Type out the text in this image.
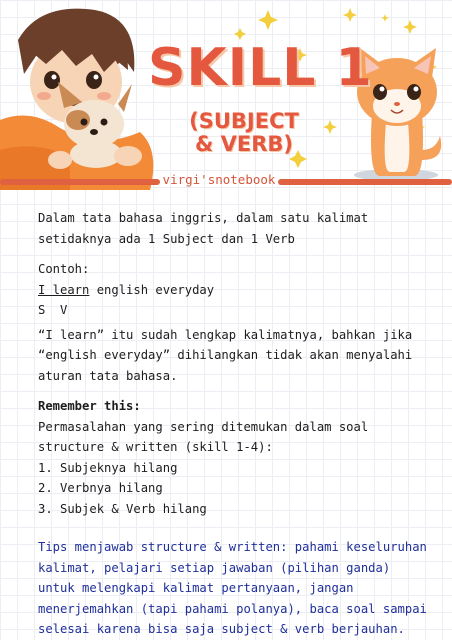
SKILL 1
(SUBJECT & VERB)
virgi'snotebook

Dalam tata bahasa inggris, dalam satu kalimat setidaknya ada 1 Subject dan 1 Verb

Contoh:

I learn english everyday

S  V

“I learn” itu sudah lengkap kalimatnya, bahkan jika “english everyday” dihilangkan tidak akan menyalahi aturan tata bahasa.

Remember this:

Permasalahan yang sering ditemukan dalam soal structure & written (skill 1-4):

1. Subjeknya hilang

2. Verbnya hilang

3. Subjek & Verb hilang

Tips menjawab structure & written: pahami keseluruhan kalimat, pelajari setiap jawaban (pilihan ganda) untuk melengkapi kalimat pertanyaan, jangan menerjemahkan (tapi pahami polanya), baca soal sampai selesai karena bisa saja subject & verb berjauhan.
